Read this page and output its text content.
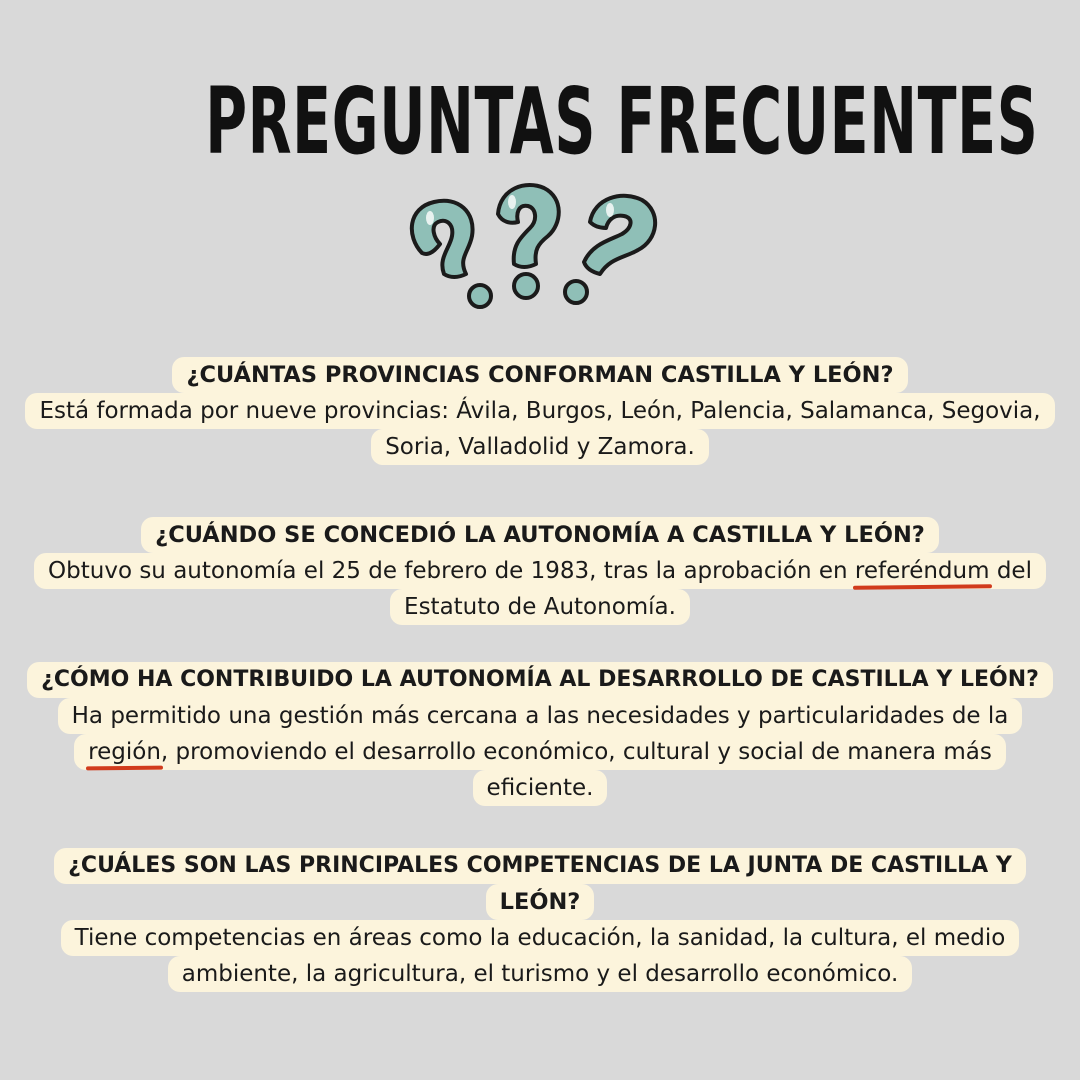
PREGUNTAS FRECUENTES
¿CUÁNTAS PROVINCIAS CONFORMAN CASTILLA Y LEÓN?
Está formada por nueve provincias: Ávila, Burgos, León, Palencia, Salamanca, Segovia,
Soria, Valladolid y Zamora.
¿CUÁNDO SE CONCEDIÓ LA AUTONOMÍA A CASTILLA Y LEÓN?
Obtuvo su autonomía el 25 de febrero de 1983, tras la aprobación en referéndum del
Estatuto de Autonomía.
¿CÓMO HA CONTRIBUIDO LA AUTONOMÍA AL DESARROLLO DE CASTILLA Y LEÓN?
Ha permitido una gestión más cercana a las necesidades y particularidades de la
región, promoviendo el desarrollo económico, cultural y social de manera más
eficiente.
¿CUÁLES SON LAS PRINCIPALES COMPETENCIAS DE LA JUNTA DE CASTILLA Y
LEÓN?
Tiene competencias en áreas como la educación, la sanidad, la cultura, el medio
ambiente, la agricultura, el turismo y el desarrollo económico.
